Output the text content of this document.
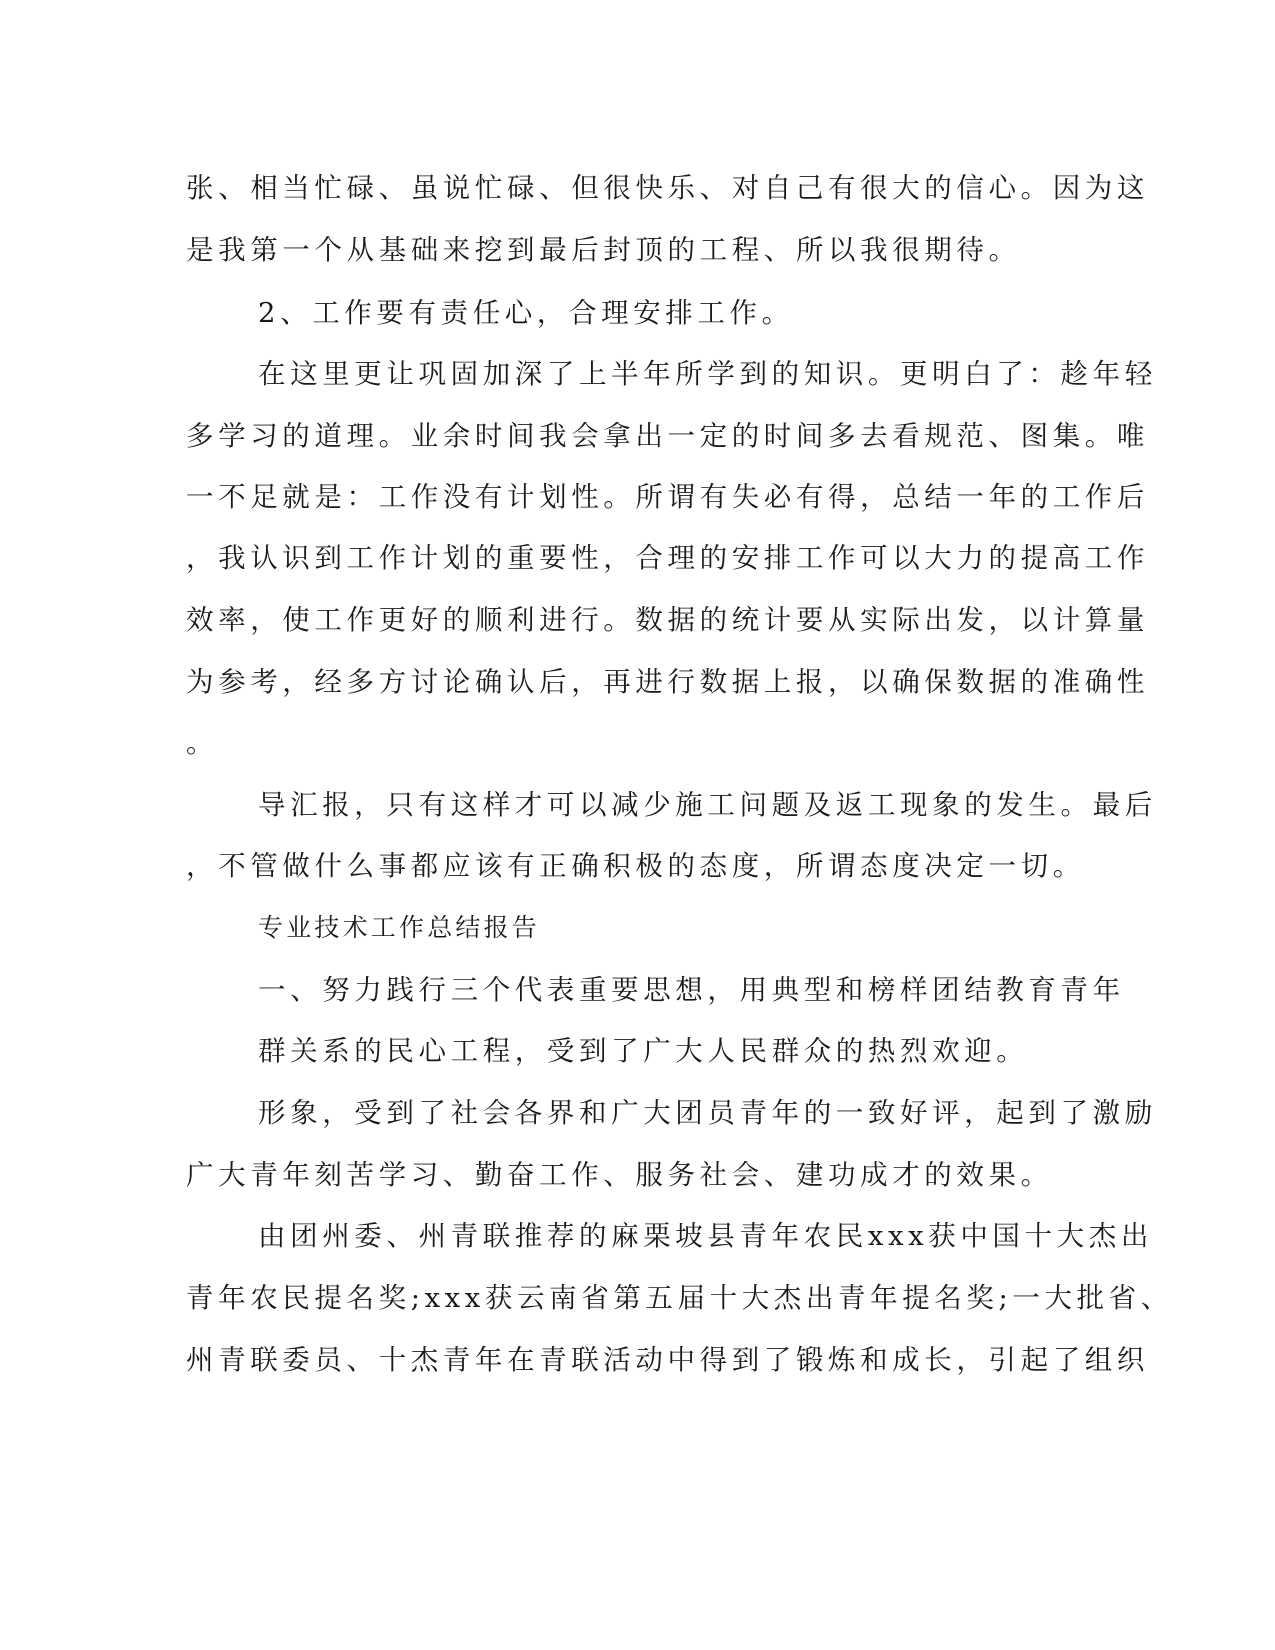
张、相当忙碌、虽说忙碌、但很快乐、对自己有很大的信心。因为这

是我第一个从基础来挖到最后封顶的工程、所以我很期待。

2、工作要有责任心，合理安排工作。

在这里更让巩固加深了上半年所学到的知识。更明白了：趁年轻

多学习的道理。业余时间我会拿出一定的时间多去看规范、图集。唯

一不足就是：工作没有计划性。所谓有失必有得，总结一年的工作后

，我认识到工作计划的重要性，合理的安排工作可以大力的提高工作

效率，使工作更好的顺利进行。数据的统计要从实际出发，以计算量

为参考，经多方讨论确认后，再进行数据上报，以确保数据的准确性

。

导汇报，只有这样才可以减少施工问题及返工现象的发生。最后

，不管做什么事都应该有正确积极的态度，所谓态度决定一切。

专业技术工作总结报告

一、努力践行三个代表重要思想，用典型和榜样团结教育青年

群关系的民心工程，受到了广大人民群众的热烈欢迎。

形象，受到了社会各界和广大团员青年的一致好评，起到了激励

广大青年刻苦学习、勤奋工作、服务社会、建功成才的效果。

由团州委、州青联推荐的麻栗坡县青年农民xxx获中国十大杰出

青年农民提名奖;xxx获云南省第五届十大杰出青年提名奖;一大批省、

州青联委员、十杰青年在青联活动中得到了锻炼和成长，引起了组织
